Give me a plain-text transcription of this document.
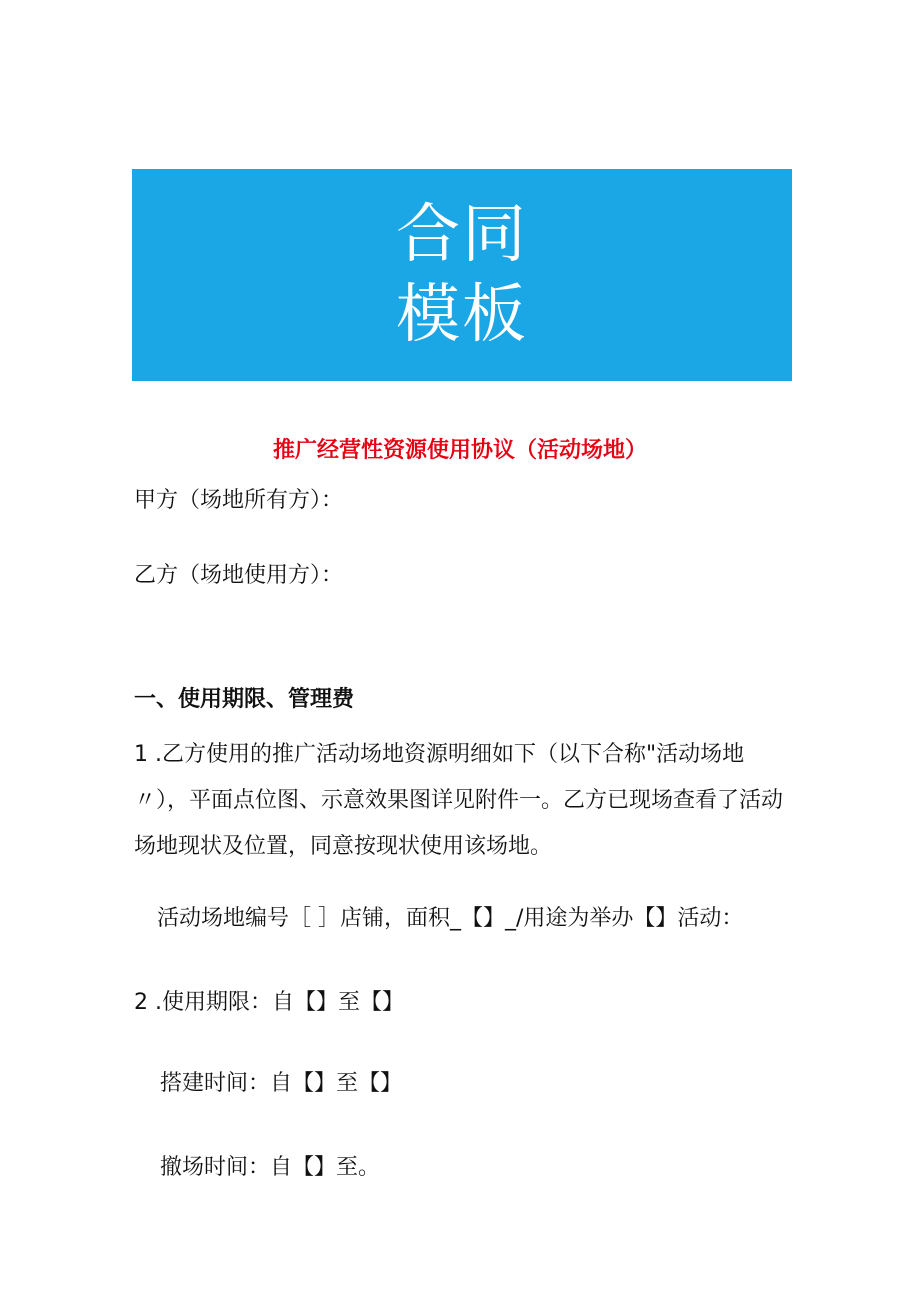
合同
模板
推广经营性资源使用协议（活动场地）
甲方（场地所有方）：
乙方（场地使用方）：
一、使用期限、管理费
1 .乙方使用的推广活动场地资源明细如下（以下合称"活动场地〃），平面点位图、示意效果图详见附件一。乙方已现场查看了活动场地现状及位置，同意按现状使用该场地。
活动场地编号［ ］店铺，面积_【】_/用途为举办【】活动：
2 .使用期限：自【】至【】
搭建时间：自【】至【】
撤场时间：自【】至。
